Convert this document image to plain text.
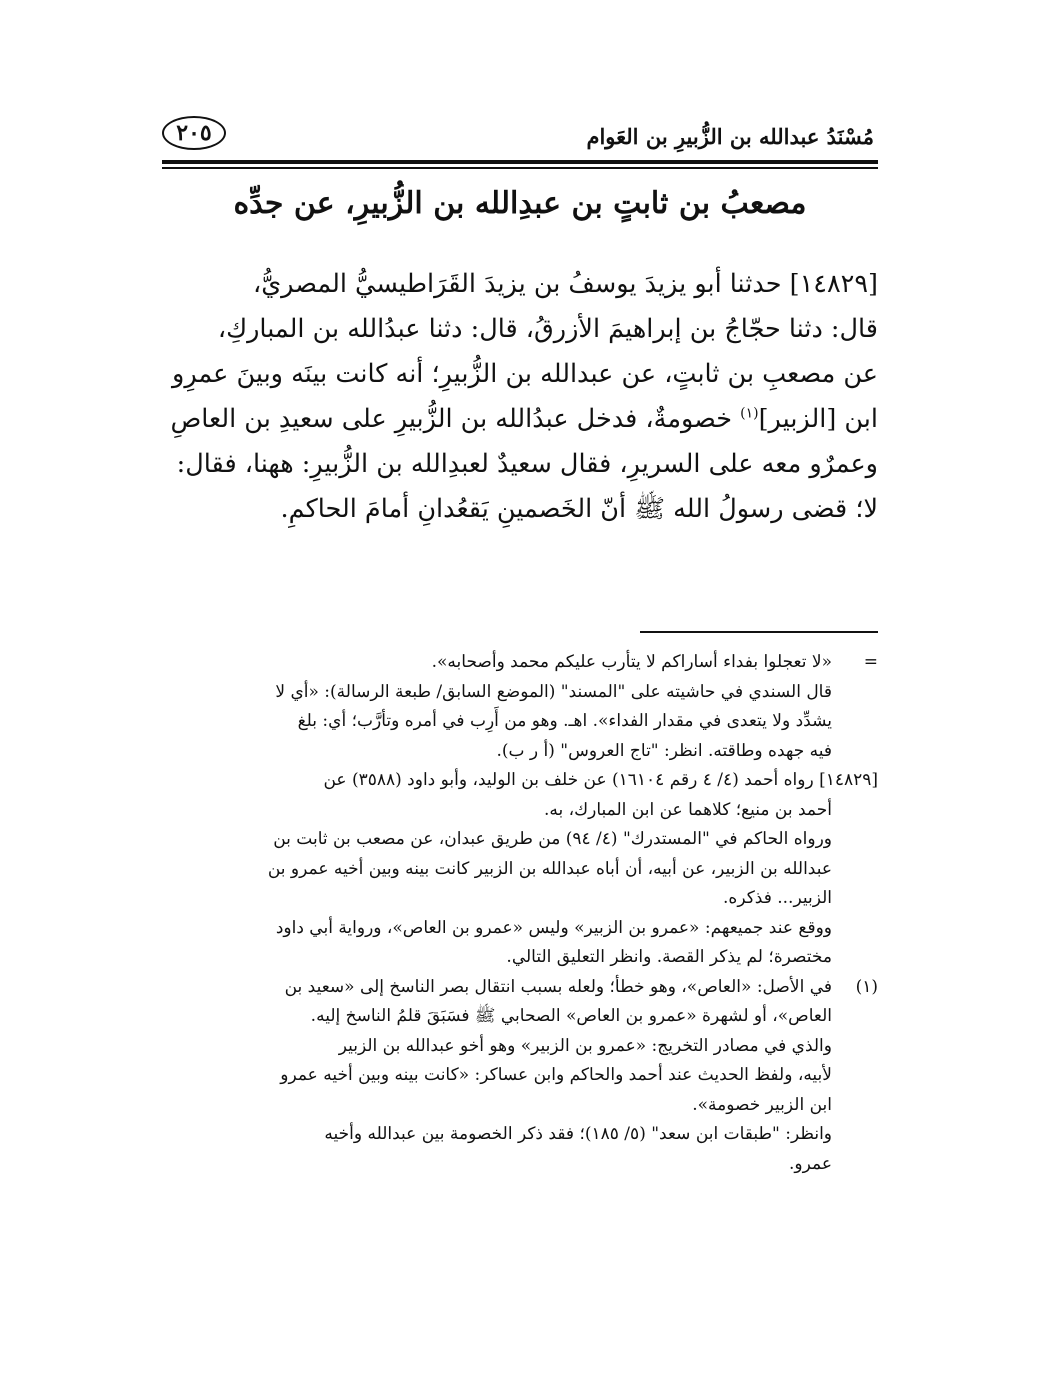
مُسْنَدُ عبدالله بن الزُّبيرِ بن العَوام
٢٠٥
مصعبُ بن ثابتٍ بن عبدِالله بن الزُّبيرِ، عن جدِّه
[١٤٨٢٩] حدثنا أبو يزيدَ يوسفُ بن يزيدَ القَرَاطيسيُّ المصريُّ،
قال: دثنا حجّاجُ بن إبراهيمَ الأزرقُ، قال: دثنا عبدُالله بن المباركِ،
عن مصعبِ بن ثابتٍ، عن عبدالله بن الزُّبيرِ؛ أنه كانت بينَه وبينَ عمرِو
ابن [الزبير]$^{(١)}$ خصومةٌ، فدخل عبدُالله بن الزُّبيرِ على سعيدِ بن العاصِ
وعمرٌو معه على السريرِ، فقال سعيدٌ لعبدِالله بن الزُّبيرِ: ههنا، فقال:
لا؛ قضى رسولُ الله ﷺ أنّ الخَصمينِ يَقعُدانِ أمامَ الحاكمِ.
=
«لا تعجلوا بفداء أساراكم لا يتأرب عليكم محمد وأصحابه».
قال السندي في حاشيته على "المسند" (الموضع السابق/ طبعة الرسالة): «أي لا
يشدِّد ولا يتعدى في مقدار الفداء». اهـ. وهو من أَرِب في أمره وتأرَّب؛ أي: بلغ
فيه جهده وطاقته. انظر: "تاج العروس" (أ ر ب).
[١٤٨٢٩] رواه أحمد (٤/ ٤ رقم ١٦١٠٤) عن خلف بن الوليد، وأبو داود (٣٥٨٨) عن
أحمد بن منيع؛ كلاهما عن ابن المبارك، به.
ورواه الحاكم في "المستدرك" (٤/ ٩٤) من طريق عبدان، عن مصعب بن ثابت بن
عبدالله بن الزبير، عن أبيه، أن أباه عبدالله بن الزبير كانت بينه وبين أخيه عمرو بن
الزبير... فذكره.
ووقع عند جميعهم: «عمرو بن الزبير» وليس «عمرو بن العاص»، ورواية أبي داود
مختصرة؛ لم يذكر القصة. وانظر التعليق التالي.
(١)
في الأصل: «العاص»، وهو خطأ؛ ولعله بسبب انتقال بصر الناسخ إلى «سعيد بن
العاص»، أو لشهرة «عمرو بن العاص» الصحابي ﷺ فسَبَقَ قلمُ الناسخ إليه.
والذي في مصادر التخريج: «عمرو بن الزبير» وهو أخو عبدالله بن الزبير
لأبيه، ولفظ الحديث عند أحمد والحاكم وابن عساكر: «كانت بينه وبين أخيه عمرو
ابن الزبير خصومة».
وانظر: "طبقات ابن سعد" (٥/ ١٨٥)؛ فقد ذكر الخصومة بين عبدالله وأخيه
عمرو.
